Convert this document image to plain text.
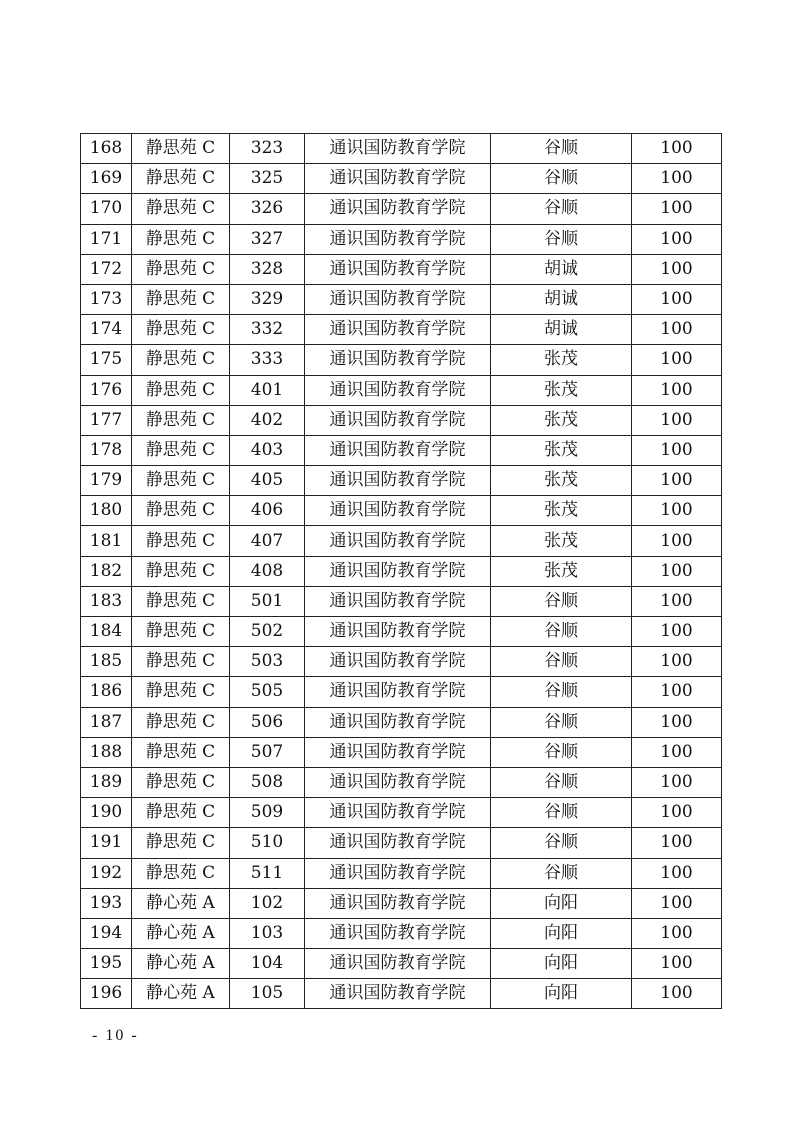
168	静思苑 C	323	通识国防教育学院	谷顺	100
169	静思苑 C	325	通识国防教育学院	谷顺	100
170	静思苑 C	326	通识国防教育学院	谷顺	100
171	静思苑 C	327	通识国防教育学院	谷顺	100
172	静思苑 C	328	通识国防教育学院	胡诚	100
173	静思苑 C	329	通识国防教育学院	胡诚	100
174	静思苑 C	332	通识国防教育学院	胡诚	100
175	静思苑 C	333	通识国防教育学院	张茂	100
176	静思苑 C	401	通识国防教育学院	张茂	100
177	静思苑 C	402	通识国防教育学院	张茂	100
178	静思苑 C	403	通识国防教育学院	张茂	100
179	静思苑 C	405	通识国防教育学院	张茂	100
180	静思苑 C	406	通识国防教育学院	张茂	100
181	静思苑 C	407	通识国防教育学院	张茂	100
182	静思苑 C	408	通识国防教育学院	张茂	100
183	静思苑 C	501	通识国防教育学院	谷顺	100
184	静思苑 C	502	通识国防教育学院	谷顺	100
185	静思苑 C	503	通识国防教育学院	谷顺	100
186	静思苑 C	505	通识国防教育学院	谷顺	100
187	静思苑 C	506	通识国防教育学院	谷顺	100
188	静思苑 C	507	通识国防教育学院	谷顺	100
189	静思苑 C	508	通识国防教育学院	谷顺	100
190	静思苑 C	509	通识国防教育学院	谷顺	100
191	静思苑 C	510	通识国防教育学院	谷顺	100
192	静思苑 C	511	通识国防教育学院	谷顺	100
193	静心苑 A	102	通识国防教育学院	向阳	100
194	静心苑 A	103	通识国防教育学院	向阳	100
195	静心苑 A	104	通识国防教育学院	向阳	100
196	静心苑 A	105	通识国防教育学院	向阳	100
- 10 -
